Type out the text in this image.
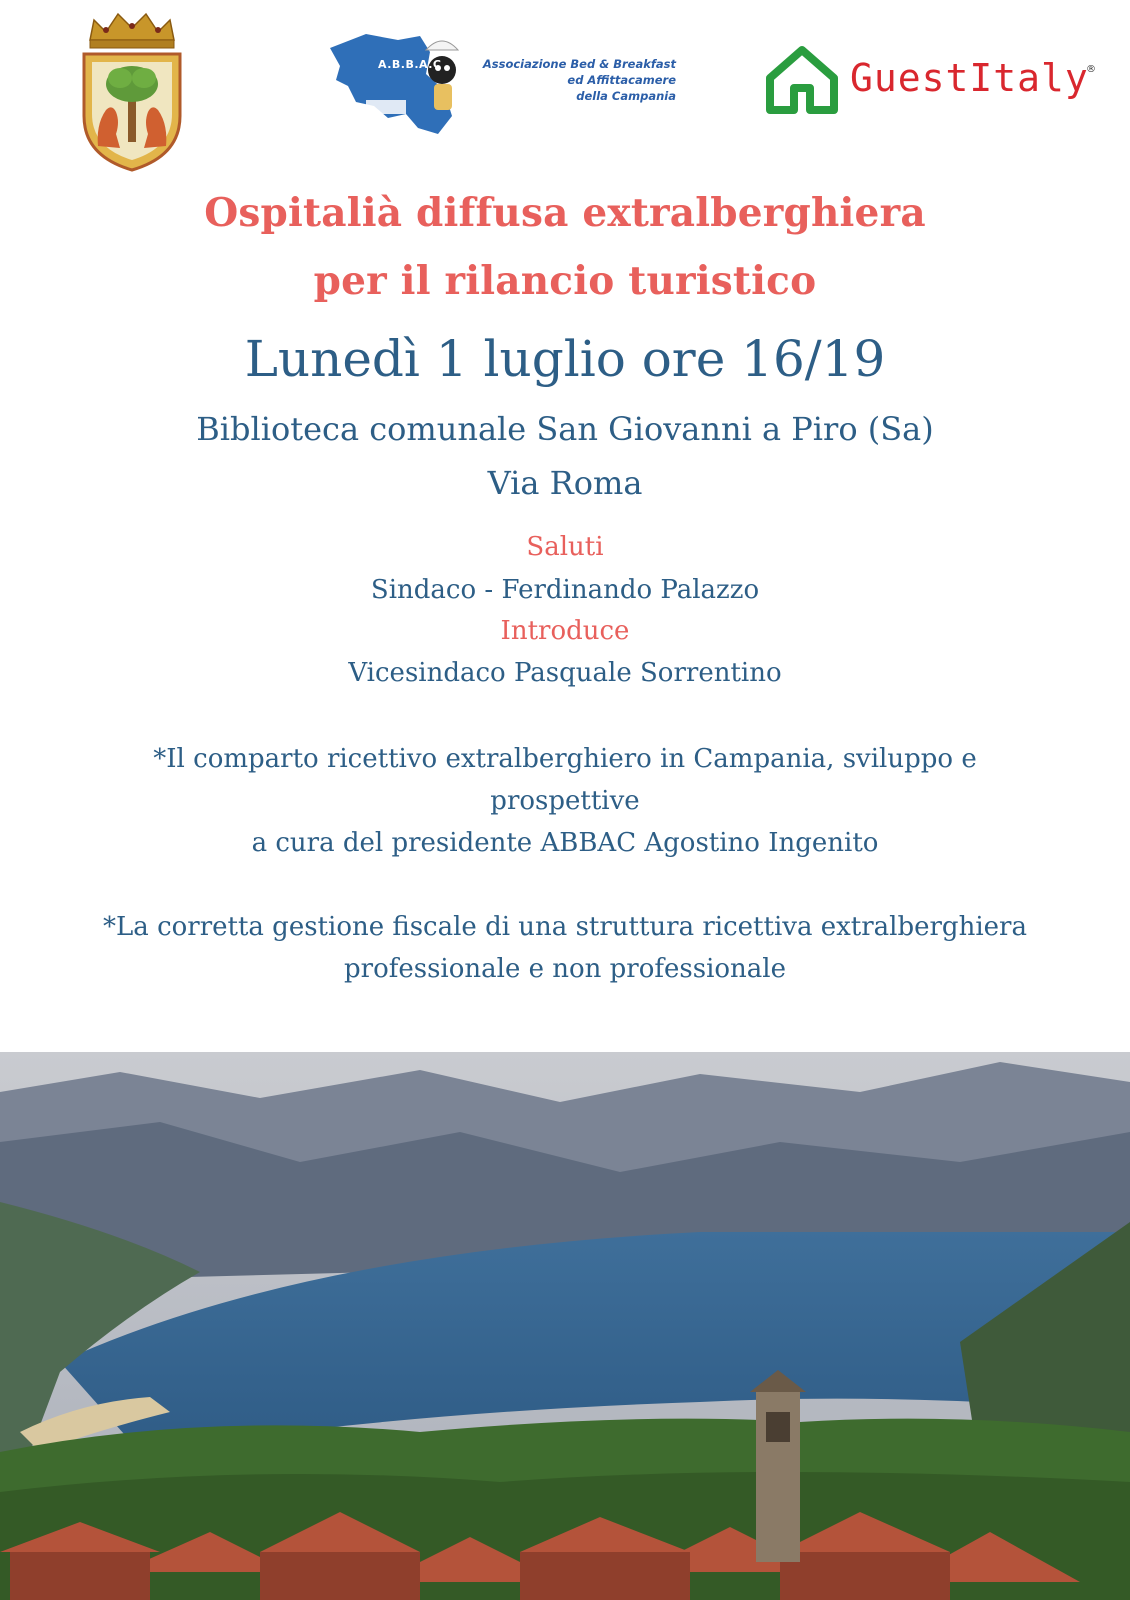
A.B.B.A.C	Associazione Bed & Breakfast
ed Affittacamere
della Campania	GuestItaly
®
Ospitalià diffusa extralberghiera
per il rilancio turistico
Lunedì 1 luglio ore 16/19
Biblioteca comunale San Giovanni a Piro (Sa)
Via Roma
Saluti
Sindaco - Ferdinando Palazzo
Introduce
Vicesindaco Pasquale Sorrentino
*Il comparto ricettivo extralberghiero in Campania, sviluppo e
prospettive
a cura del presidente ABBAC Agostino Ingenito
*La corretta gestione fiscale di una struttura ricettiva extralberghiera
professionale e non professionale
